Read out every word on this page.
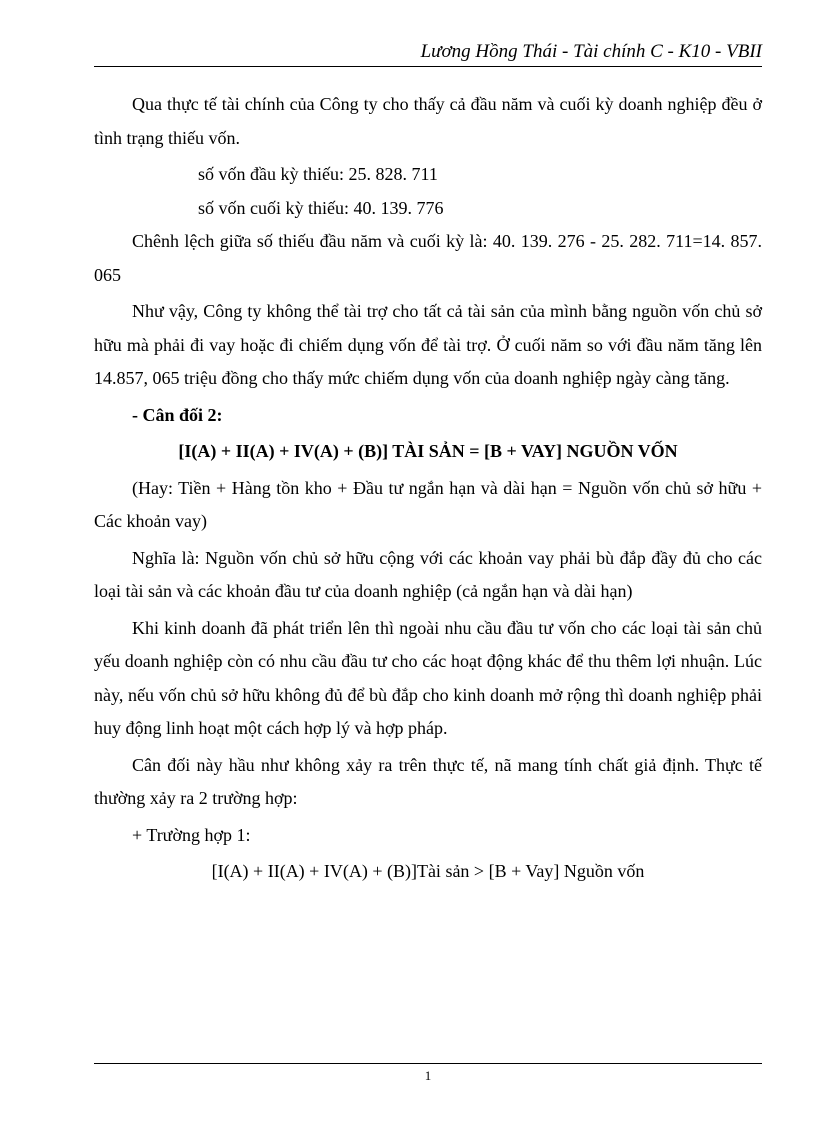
Lương Hồng Thái - Tài chính C - K10 - VBII

Qua thực tế tài chính của Công ty cho thấy cả đầu năm và cuối kỳ doanh nghiệp đều ở tình trạng thiếu vốn.

số vốn đầu kỳ thiếu: 25. 828. 711

số vốn cuối kỳ thiếu: 40. 139. 776

Chênh lệch giữa số thiếu đầu năm và cuối kỳ là: 40. 139. 276 - 25. 282. 711=14. 857. 065

Như vậy, Công ty không thể tài trợ cho tất cả tài sản của mình bằng nguồn vốn chủ sở hữu mà phải đi vay hoặc đi chiếm dụng vốn để tài trợ. Ở cuối năm so với đầu năm tăng lên 14.857, 065 triệu đồng cho thấy mức chiếm dụng vốn của doanh nghiệp ngày càng tăng.

- Cân đối 2:

[I(A) + II(A) + IV(A) + (B)] TÀI SẢN = [B + VAY] NGUỒN VỐN

(Hay: Tiền + Hàng tồn kho + Đầu tư ngắn hạn và dài hạn = Nguồn vốn chủ sở hữu + Các khoản vay)

Nghĩa là: Nguồn vốn chủ sở hữu cộng với các khoản vay phải bù đắp đầy đủ cho các loại tài sản và các khoản đầu tư của doanh nghiệp (cả ngắn hạn và dài hạn)

Khi kinh doanh đã phát triển lên thì ngoài nhu cầu đầu tư vốn cho các loại tài sản chủ yếu doanh nghiệp còn có nhu cầu đầu tư cho các hoạt động khác để thu thêm lợi nhuận. Lúc này, nếu vốn chủ sở hữu không đủ để bù đắp cho kinh doanh mở rộng thì doanh nghiệp phải huy động linh hoạt một cách hợp lý và hợp pháp.

Cân đối này hầu như không xảy ra trên thực tế, nã mang tính chất giả định. Thực tế thường xảy ra 2 trường hợp:

+ Trường hợp 1:

[I(A) + II(A) + IV(A) + (B)]Tài sản > [B + Vay] Nguồn vốn

1
